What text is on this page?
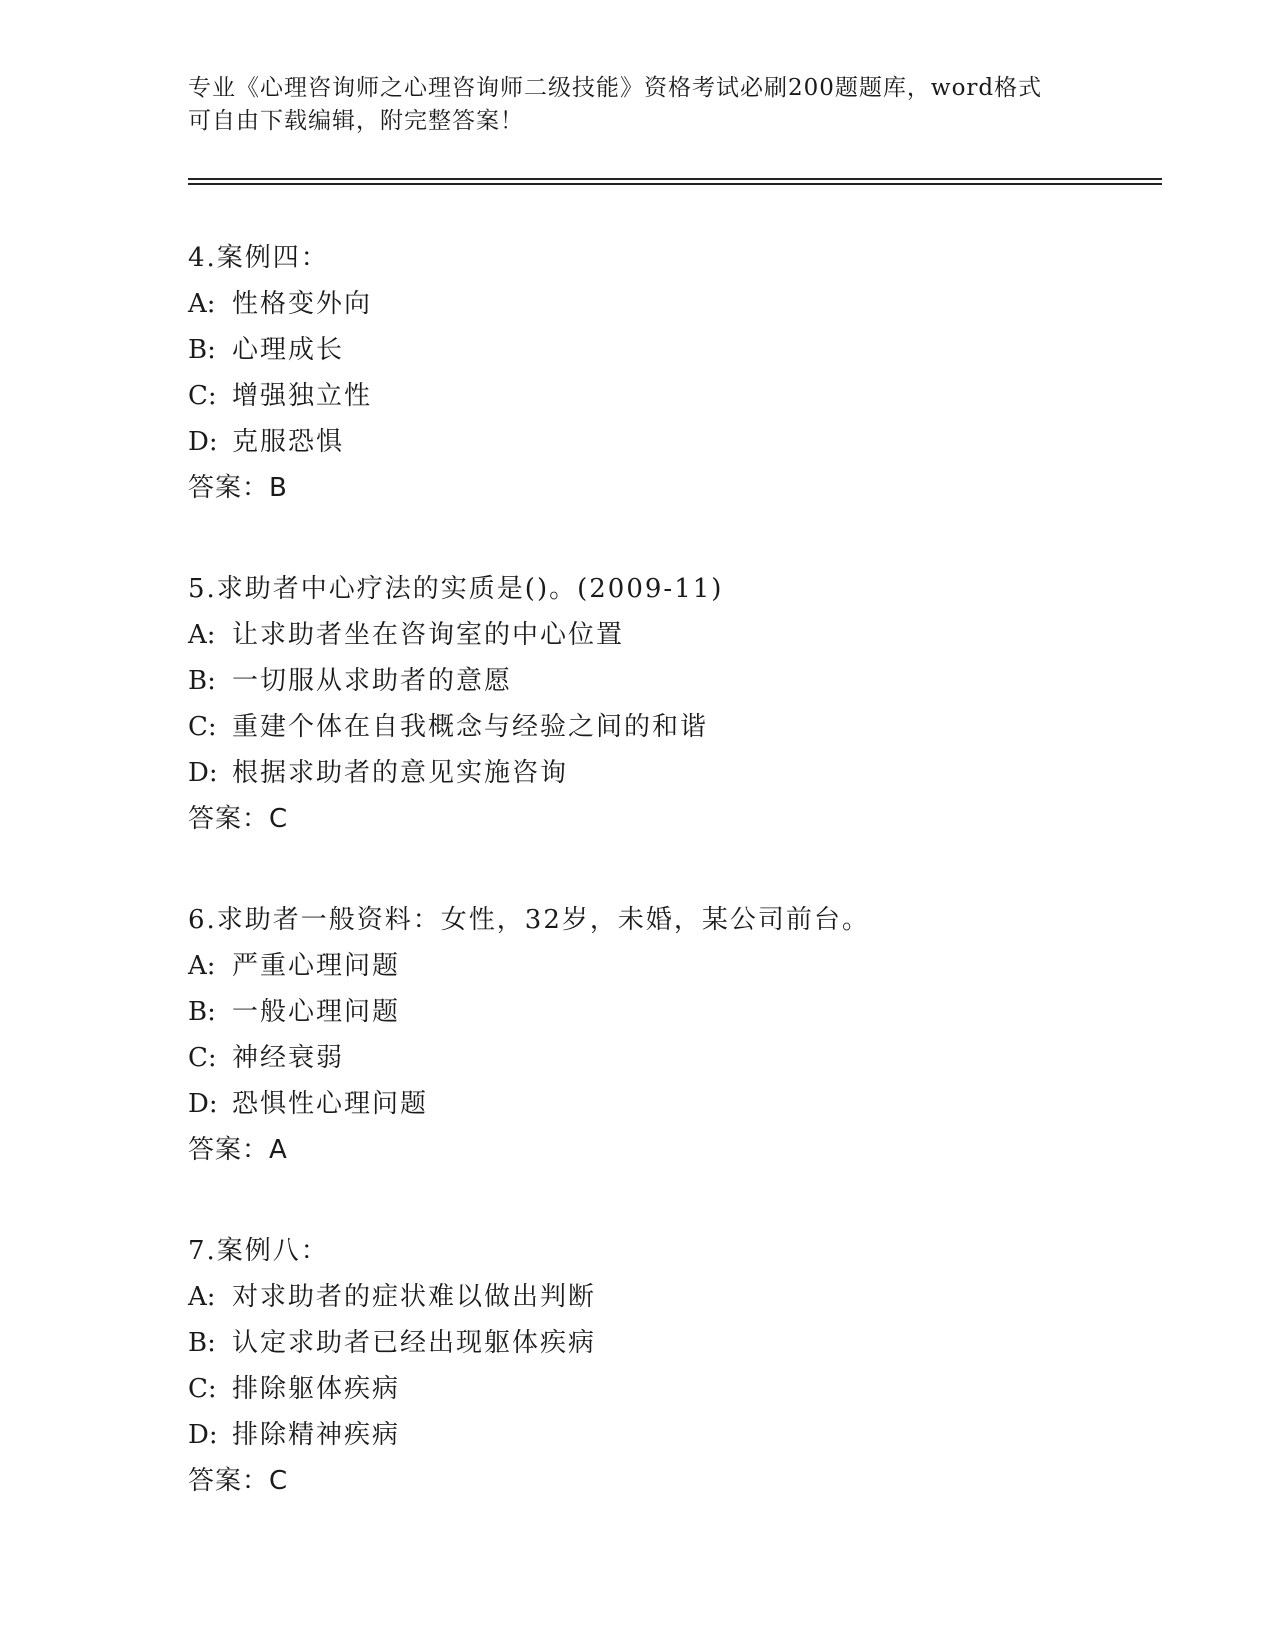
专业《心理咨询师之心理咨询师二级技能》资格考试必刷200题题库，word格式
可自由下载编辑，附完整答案！
4.案例四：
A: 性格变外向
B: 心理成长
C: 增强独立性
D: 克服恐惧
答案：B
5.求助者中心疗法的实质是()。(2009-11)
A: 让求助者坐在咨询室的中心位置
B: 一切服从求助者的意愿
C: 重建个体在自我概念与经验之间的和谐
D: 根据求助者的意见实施咨询
答案：C
6.求助者一般资料：女性，32岁，未婚，某公司前台。
A: 严重心理问题
B: 一般心理问题
C: 神经衰弱
D: 恐惧性心理问题
答案：A
7.案例八：
A: 对求助者的症状难以做出判断
B: 认定求助者已经出现躯体疾病
C: 排除躯体疾病
D: 排除精神疾病
答案：C
